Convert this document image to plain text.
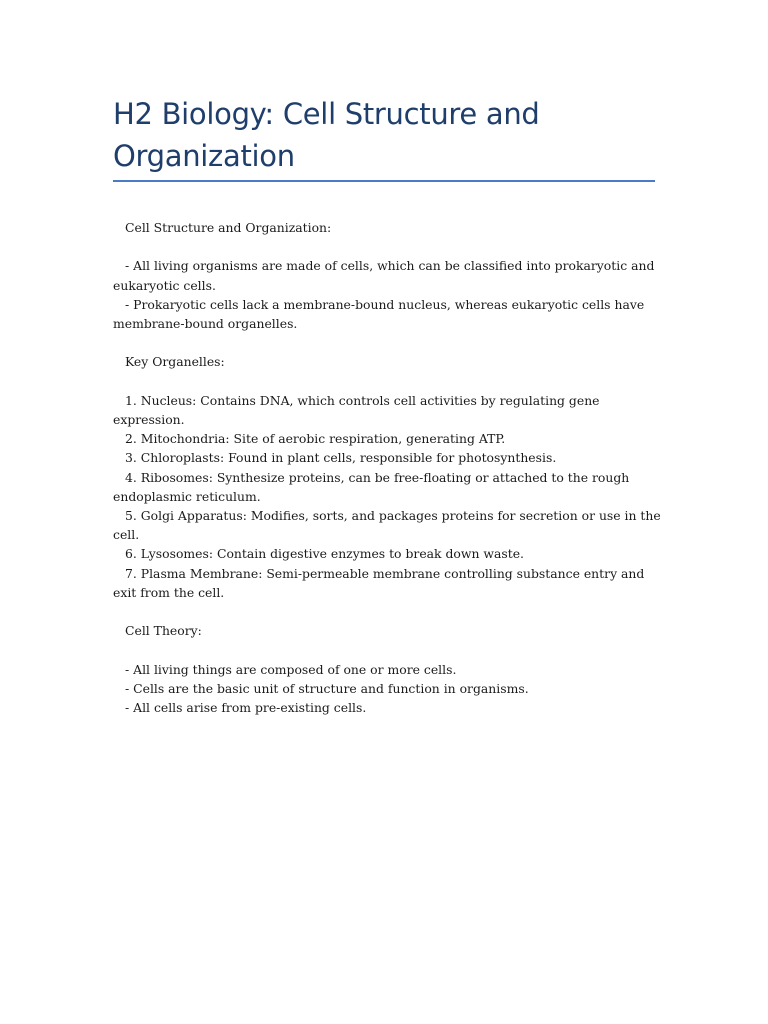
H2 Biology: Cell Structure and Organization

Cell Structure and Organization:

- All living organisms are made of cells, which can be classified into prokaryotic and eukaryotic cells.

- Prokaryotic cells lack a membrane-bound nucleus, whereas eukaryotic cells have membrane-bound organelles.

Key Organelles:

1. Nucleus: Contains DNA, which controls cell activities by regulating gene expression.

2. Mitochondria: Site of aerobic respiration, generating ATP.

3. Chloroplasts: Found in plant cells, responsible for photosynthesis.

4. Ribosomes: Synthesize proteins, can be free-floating or attached to the rough endoplasmic reticulum.

5. Golgi Apparatus: Modifies, sorts, and packages proteins for secretion or use in the cell.

6. Lysosomes: Contain digestive enzymes to break down waste.

7. Plasma Membrane: Semi-permeable membrane controlling substance entry and exit from the cell.

Cell Theory:

- All living things are composed of one or more cells.

- Cells are the basic unit of structure and function in organisms.

- All cells arise from pre-existing cells.
